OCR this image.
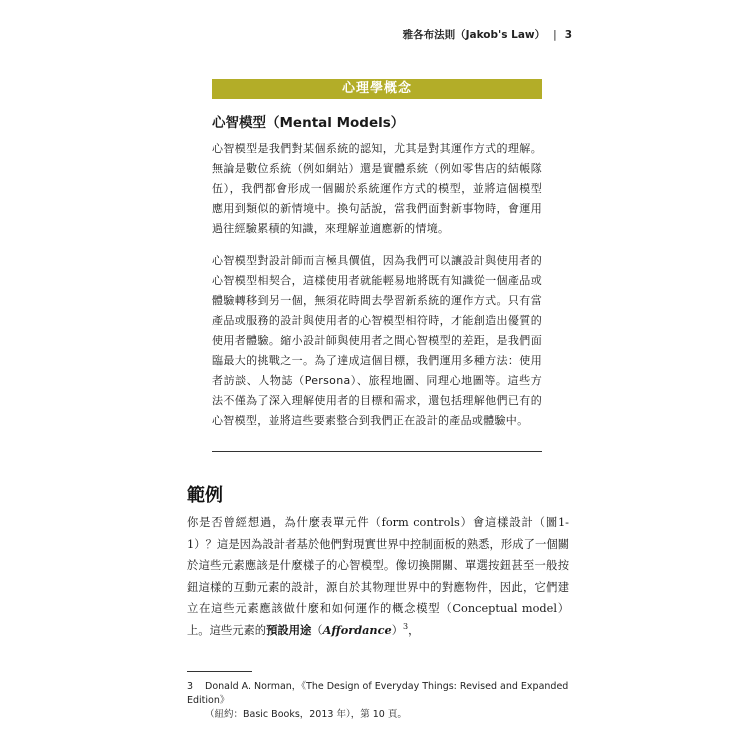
雅各布法則（Jakob's Law） | 3
心理學概念
心智模型（Mental Models）

心智模型是我們對某個系統的認知，尤其是對其運作方式的理解。無論是數位系統（例如網站）還是實體系統（例如零售店的結帳隊伍），我們都會形成一個關於系統運作方式的模型，並將這個模型應用到類似的新情境中。換句話說，當我們面對新事物時，會運用過往經驗累積的知識，來理解並適應新的情境。

心智模型對設計師而言極具價值，因為我們可以讓設計與使用者的心智模型相契合，這樣使用者就能輕易地將既有知識從一個產品或體驗轉移到另一個，無須花時間去學習新系統的運作方式。只有當產品或服務的設計與使用者的心智模型相符時，才能創造出優質的使用者體驗。縮小設計師與使用者之間心智模型的差距，是我們面臨最大的挑戰之一。為了達成這個目標，我們運用多種方法：使用者訪談、人物誌（Persona）、旅程地圖、同理心地圖等。這些方法不僅為了深入理解使用者的目標和需求，還包括理解他們已有的心智模型，並將這些要素整合到我們正在設計的產品或體驗中。

範例

你是否曾經想過，為什麼表單元件（form controls）會這樣設計（圖1-1）？這是因為設計者基於他們對現實世界中控制面板的熟悉，形成了一個關於這些元素應該是什麼樣子的心智模型。像切換開關、單選按鈕甚至一般按鈕這樣的互動元素的設計，源自於其物理世界中的對應物件，因此，它們建立在這些元素應該做什麼和如何運作的概念模型（Conceptual model）上。這些元素的預設用途（Affordance）$^3$，

3 Donald A. Norman，《The Design of Everyday Things: Revised and Expanded Edition》
（紐約：Basic Books，2013 年），第 10 頁。
